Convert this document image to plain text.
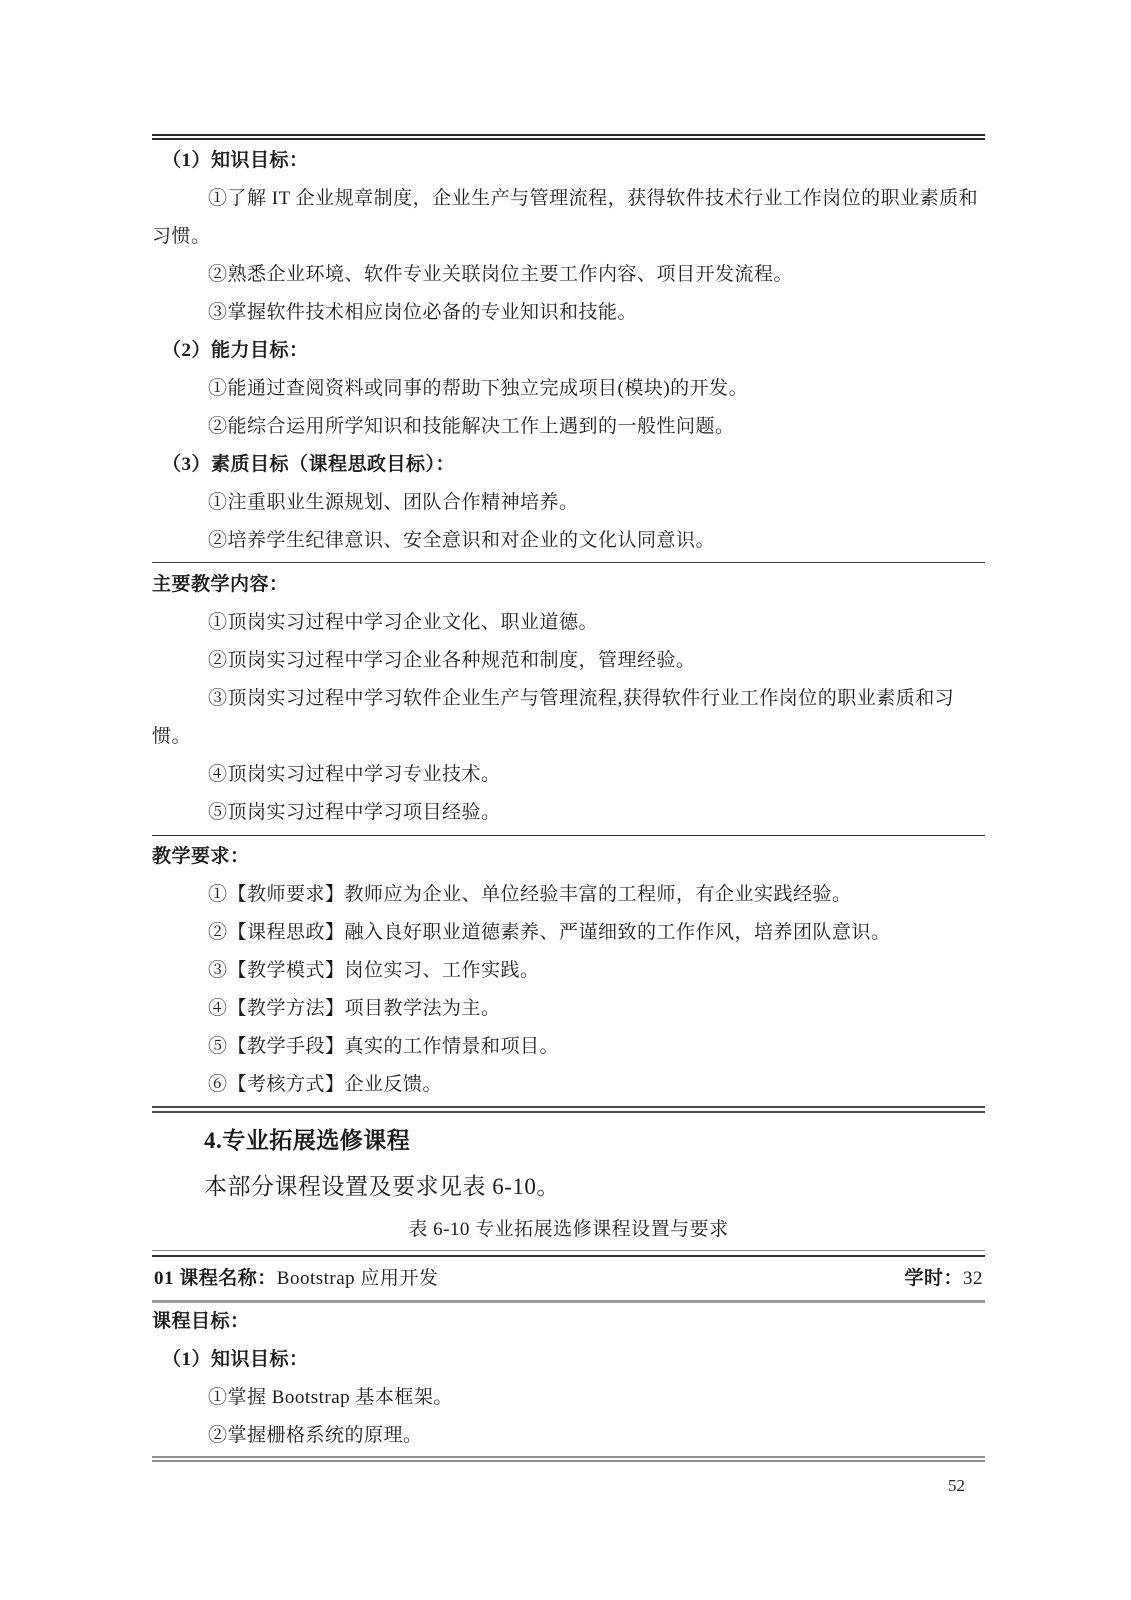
（1）知识目标：

①了解 IT 企业规章制度，企业生产与管理流程，获得软件技术行业工作岗位的职业素质和习惯。

②熟悉企业环境、软件专业关联岗位主要工作内容、项目开发流程。

③掌握软件技术相应岗位必备的专业知识和技能。

（2）能力目标：

①能通过查阅资料或同事的帮助下独立完成项目(模块)的开发。

②能综合运用所学知识和技能解决工作上遇到的一般性问题。

（3）素质目标（课程思政目标）：

①注重职业生源规划、团队合作精神培养。

②培养学生纪律意识、安全意识和对企业的文化认同意识。

主要教学内容：

①顶岗实习过程中学习企业文化、职业道德。

②顶岗实习过程中学习企业各种规范和制度，管理经验。

③顶岗实习过程中学习软件企业生产与管理流程,获得软件行业工作岗位的职业素质和习惯。

④顶岗实习过程中学习专业技术。

⑤顶岗实习过程中学习项目经验。

教学要求：

①【教师要求】教师应为企业、单位经验丰富的工程师，有企业实践经验。

②【课程思政】融入良好职业道德素养、严谨细致的工作作风，培养团队意识。

③【教学模式】岗位实习、工作实践。

④【教学方法】项目教学法为主。

⑤【教学手段】真实的工作情景和项目。

⑥【考核方式】企业反馈。

4.专业拓展选修课程

本部分课程设置及要求见表 6-10。

表 6-10 专业拓展选修课程设置与要求

01 课程名称：Bootstrap 应用开发	学时：32

课程目标：

（1）知识目标：

①掌握 Bootstrap 基本框架。

②掌握栅格系统的原理。

52
